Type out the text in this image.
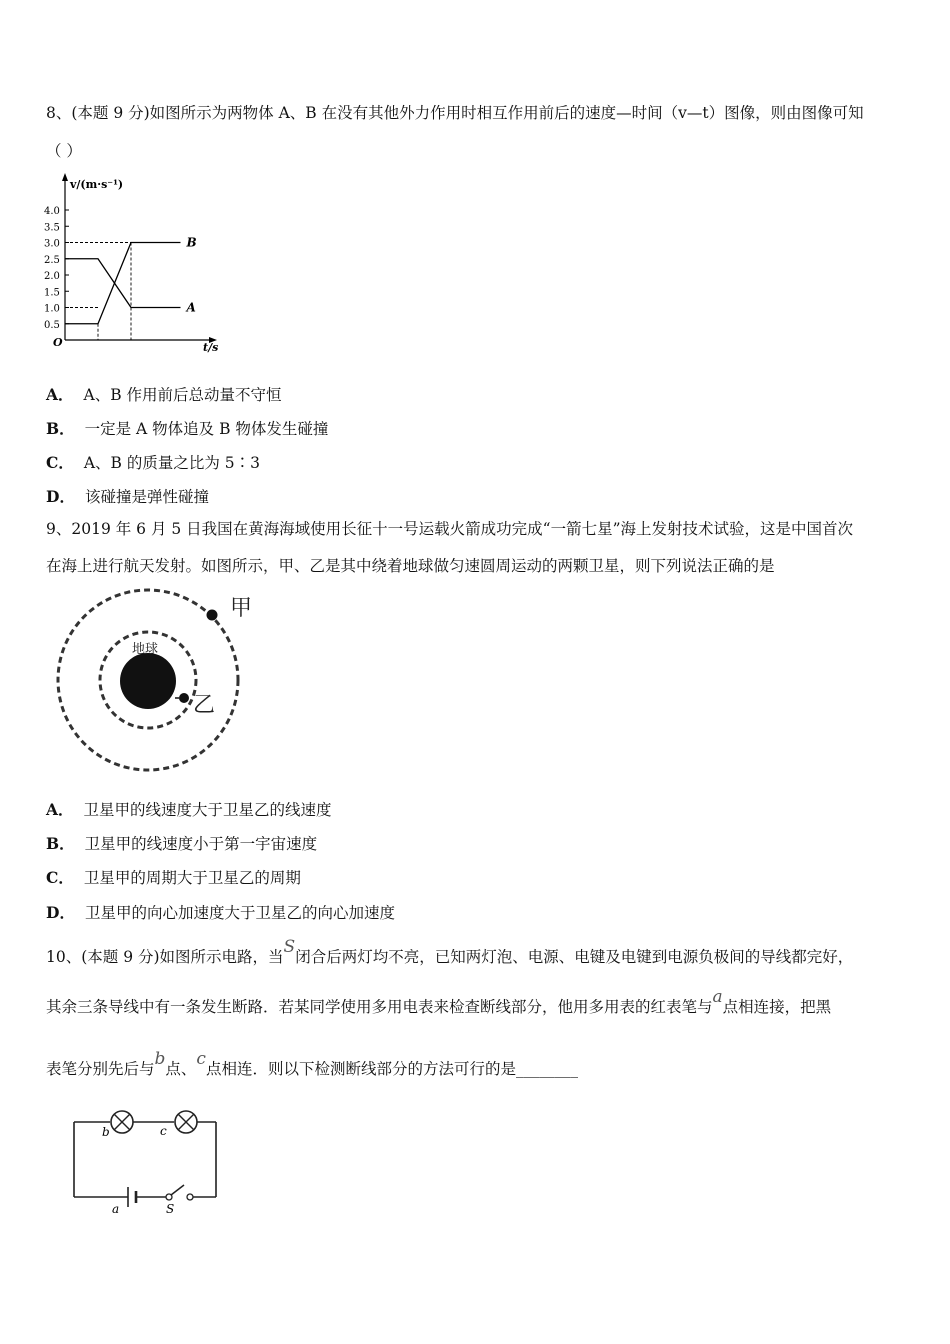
8、(本题 9 分)如图所示为两物体 A、B 在没有其他外力作用时相互作用前后的速度—时间（v—t）图像，则由图像可知
（ ）
v/(m·s⁻¹)
t/s
O
0.5
1.0
1.5
2.0
2.5
3.0
3.5
4.0
A
B
A． A、B 作用前后总动量不守恒
B． 一定是 A 物体追及 B 物体发生碰撞
C． A、B 的质量之比为 5∶3
D． 该碰撞是弹性碰撞
9、2019 年 6 月 5 日我国在黄海海域使用长征十一号运载火箭成功完成“一箭七星”海上发射技术试验，这是中国首次
在海上进行航天发射。如图所示，甲、乙是其中绕着地球做匀速圆周运动的两颗卫星，则下列说法正确的是
地球
甲
乙
A． 卫星甲的线速度大于卫星乙的线速度
B． 卫星甲的线速度小于第一宇宙速度
C． 卫星甲的周期大于卫星乙的周期
D． 卫星甲的向心加速度大于卫星乙的向心加速度
10、(本题 9 分)如图所示电路，当S闭合后两灯均不亮，已知两灯泡、电源、电键及电键到电源负极间的导线都完好，
其余三条导线中有一条发生断路．若某同学使用多用电表来检查断线部分，他用多用表的红表笔与a点相连接，把黑
表笔分别先后与b点、c点相连．则以下检测断线部分的方法可行的是________
b	c
a	S
